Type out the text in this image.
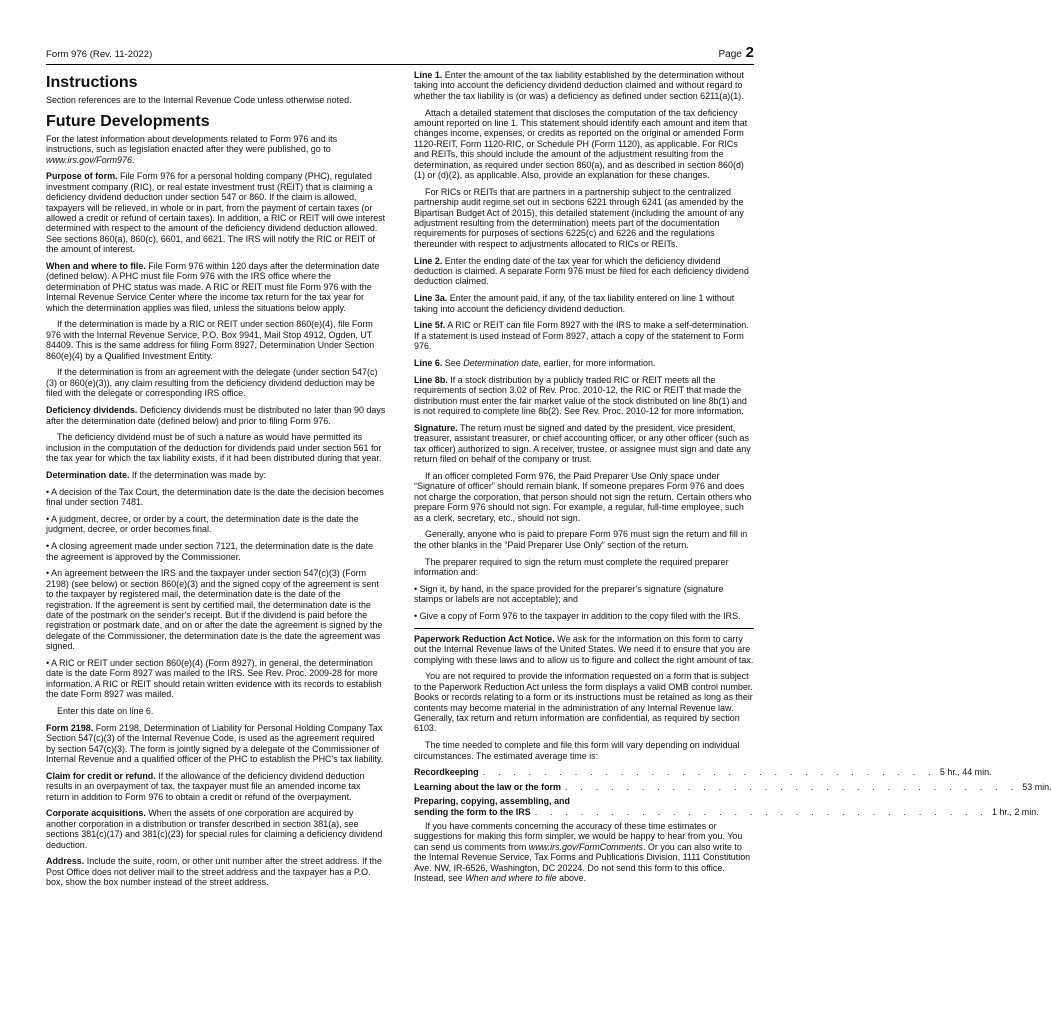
Form 976 (Rev. 11-2022)	Page 2
Instructions

Section references are to the Internal Revenue Code unless otherwise noted.

Future Developments

For the latest information about developments related to Form 976 and its instructions, such as legislation enacted after they were published, go to www.irs.gov/Form976.

Purpose of form. File Form 976 for a personal holding company (PHC), regulated investment company (RIC), or real estate investment trust (REIT) that is claiming a deficiency dividend deduction under section 547 or 860. If the claim is allowed, taxpayers will be relieved, in whole or in part, from the payment of certain taxes (or allowed a credit or refund of certain taxes). In addition, a RIC or REIT will owe interest determined with respect to the amount of the deficiency dividend deduction allowed. See sections 860(a), 860(c), 6601, and 6621. The IRS will notify the RIC or REIT of the amount of interest.

When and where to file. File Form 976 within 120 days after the determination date (defined below). A PHC must file Form 976 with the IRS office where the determination of PHC status was made. A RIC or REIT must file Form 976 with the Internal Revenue Service Center where the income tax return for the tax year for which the determination applies was filed, unless the situations below apply.

If the determination is made by a RIC or REIT under section 860(e)(4), file Form 976 with the Internal Revenue Service, P.O. Box 9941, Mail Stop 4912, Ogden, UT 84409. This is the same address for filing Form 8927, Determination Under Section 860(e)(4) by a Qualified Investment Entity.

If the determination is from an agreement with the delegate (under section 547(c)(3) or 860(e)(3)), any claim resulting from the deficiency dividend deduction may be filed with the delegate or corresponding IRS office.

Deficiency dividends. Deficiency dividends must be distributed no later than 90 days after the determination date (defined below) and prior to filing Form 976.

The deficiency dividend must be of such a nature as would have permitted its inclusion in the computation of the deduction for dividends paid under section 561 for the tax year for which the tax liability exists, if it had been distributed during that year.

Determination date. If the determination was made by:

• A decision of the Tax Court, the determination date is the date the decision becomes final under section 7481.

• A judgment, decree, or order by a court, the determination date is the date the judgment, decree, or order becomes final.

• A closing agreement made under section 7121, the determination date is the date the agreement is approved by the Commissioner.

• An agreement between the IRS and the taxpayer under section 547(c)(3) (Form 2198) (see below) or section 860(e)(3) and the signed copy of the agreement is sent to the taxpayer by registered mail, the determination date is the date of the registration. If the agreement is sent by certified mail, the determination date is the date of the postmark on the sender's receipt. But if the dividend is paid before the registration or postmark date, and on or after the date the agreement is signed by the delegate of the Commissioner, the determination date is the date the agreement was signed.

• A RIC or REIT under section 860(e)(4) (Form 8927), in general, the determination date is the date Form 8927 was mailed to the IRS. See Rev. Proc. 2009-28 for more information. A RIC or REIT should retain written evidence with its records to establish the date Form 8927 was mailed.

Enter this date on line 6.

Form 2198. Form 2198, Determination of Liability for Personal Holding Company Tax Section 547(c)(3) of the Internal Revenue Code, is used as the agreement required by section 547(c)(3). The form is jointly signed by a delegate of the Commissioner of Internal Revenue and a qualified officer of the PHC to establish the PHC's tax liability.

Claim for credit or refund. If the allowance of the deficiency dividend deduction results in an overpayment of tax, the taxpayer must file an amended income tax return in addition to Form 976 to obtain a credit or refund of the overpayment.

Corporate acquisitions. When the assets of one corporation are acquired by another corporation in a distribution or transfer described in section 381(a), see sections 381(c)(17) and 381(c)(23) for special rules for claiming a deficiency dividend deduction.

Address. Include the suite, room, or other unit number after the street address. If the Post Office does not deliver mail to the street address and the taxpayer has a P.O. box, show the box number instead of the street address.

Line 1. Enter the amount of the tax liability established by the determination without taking into account the deficiency dividend deduction claimed and without regard to whether the tax liability is (or was) a deficiency as defined under section 6211(a)(1).

Attach a detailed statement that discloses the computation of the tax deficiency amount reported on line 1. This statement should identify each amount and item that changes income, expenses, or credits as reported on the original or amended Form 1120-REIT, Form 1120-RIC, or Schedule PH (Form 1120), as applicable. For RICs and REITs, this should include the amount of the adjustment resulting from the determination, as required under section 860(a), and as described in section 860(d)(1) or (d)(2), as applicable. Also, provide an explanation for these changes.

For RICs or REITs that are partners in a partnership subject to the centralized partnership audit regime set out in sections 6221 through 6241 (as amended by the Bipartisan Budget Act of 2015), this detailed statement (including the amount of any adjustment resulting from the determination) meets part of the documentation requirements for purposes of sections 6225(c) and 6226 and the regulations thereunder with respect to adjustments allocated to RICs or REITs.

Line 2. Enter the ending date of the tax year for which the deficiency dividend deduction is claimed. A separate Form 976 must be filed for each deficiency dividend deduction claimed.

Line 3a. Enter the amount paid, if any, of the tax liability entered on line 1 without taking into account the deficiency dividend deduction.

Line 5f. A RIC or REIT can file Form 8927 with the IRS to make a self-determination. If a statement is used instead of Form 8927, attach a copy of the statement to Form 976.

Line 6. See Determination date, earlier, for more information.

Line 8b. If a stock distribution by a publicly traded RIC or REIT meets all the requirements of section 3.02 of Rev. Proc. 2010-12, the RIC or REIT that made the distribution must enter the fair market value of the stock distributed on line 8b(1) and is not required to complete line 8b(2). See Rev. Proc. 2010-12 for more information.

Signature. The return must be signed and dated by the president, vice president, treasurer, assistant treasurer, or chief accounting officer, or any other officer (such as tax officer) authorized to sign. A receiver, trustee, or assignee must sign and date any return filed on behalf of the company or trust.

If an officer completed Form 976, the Paid Preparer Use Only space under “Signature of officer” should remain blank. If someone prepares Form 976 and does not charge the corporation, that person should not sign the return. Certain others who prepare Form 976 should not sign. For example, a regular, full-time employee, such as a clerk, secretary, etc., should not sign.

Generally, anyone who is paid to prepare Form 976 must sign the return and fill in the other blanks in the “Paid Preparer Use Only” section of the return.

The preparer required to sign the return must complete the required preparer information and:

• Sign it, by hand, in the space provided for the preparer’s signature (signature stamps or labels are not acceptable); and

• Give a copy of Form 976 to the taxpayer in addition to the copy filed with the IRS.

Paperwork Reduction Act Notice. We ask for the information on this form to carry out the Internal Revenue laws of the United States. We need it to ensure that you are complying with these laws and to allow us to figure and collect the right amount of tax.

You are not required to provide the information requested on a form that is subject to the Paperwork Reduction Act unless the form displays a valid OMB control number. Books or records relating to a form or its instructions must be retained as long as their contents may become material in the administration of any Internal Revenue law. Generally, tax return and return information are confidential, as required by section 6103.

The time needed to complete and file this form will vary depending on individual circumstances. The estimated average time is:

Recordkeeping . . . . . . . . . . . . . . . . . . . . . . . . . . . . . . 5 hr., 44 min.
Learning about the law or the form . . . . . . . . . . . . . . . . . . . . . . . . . . . . . . 53 min.

Preparing, copying, assembling, and

sending the form to the IRS . . . . . . . . . . . . . . . . . . . . . . . . . . . . . . 1 hr., 2 min.

If you have comments concerning the accuracy of these time estimates or suggestions for making this form simpler, we would be happy to hear from you. You can send us comments from www.irs.gov/FormComments. Or you can also write to the Internal Revenue Service, Tax Forms and Publications Division, 1111 Constitution Ave. NW, IR-6526, Washington, DC 20224. Do not send this form to this office. Instead, see When and where to file above.
